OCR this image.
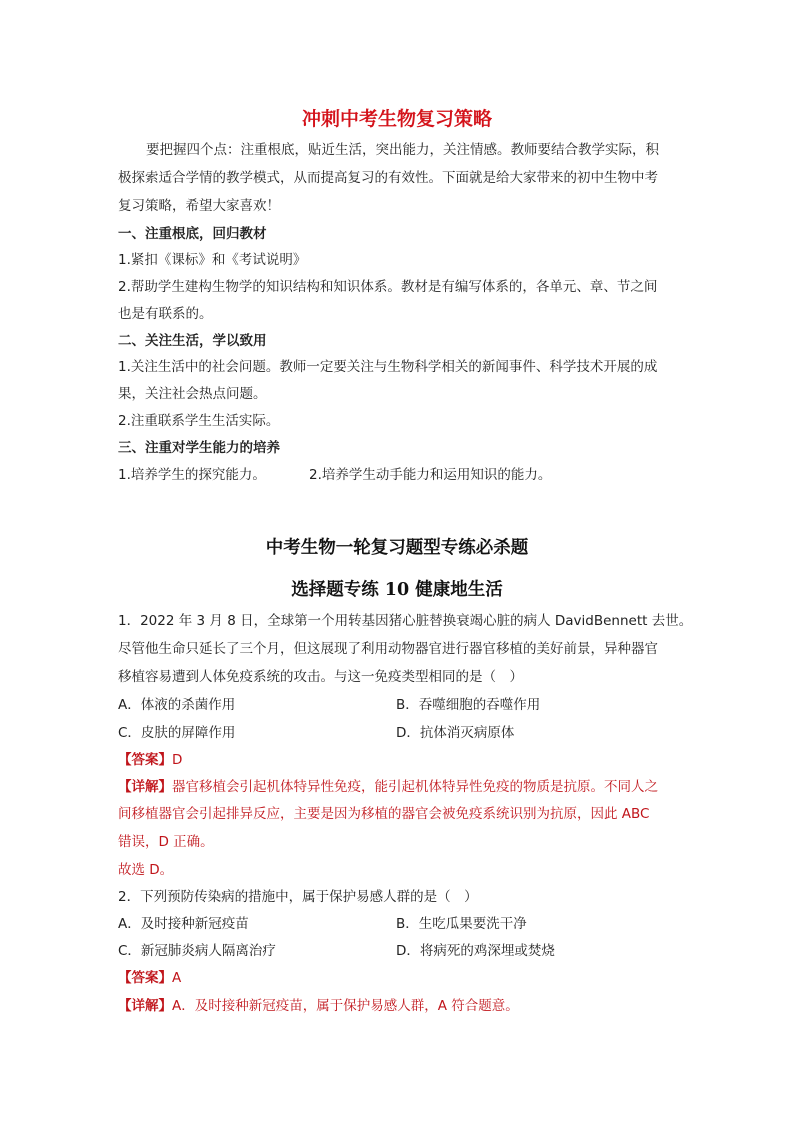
冲刺中考生物复习策略
要把握四个点：注重根底，贴近生活，突出能力，关注情感。教师要结合教学实际，积
极探索适合学情的教学模式，从而提高复习的有效性。下面就是给大家带来的初中生物中考
复习策略，希望大家喜欢！
一、注重根底，回归教材
1.紧扣《课标》和《考试说明》
2.帮助学生建构生物学的知识结构和知识体系。教材是有编写体系的，各单元、章、节之间
也是有联系的。
二、关注生活，学以致用
1.关注生活中的社会问题。教师一定要关注与生物科学相关的新闻事件、科学技术开展的成
果，关注社会热点问题。
2.注重联系学生生活实际。
三、注重对学生能力的培养
1.培养学生的探究能力。	2.培养学生动手能力和运用知识的能力。
中考生物一轮复习题型专练必杀题
选择题专练 10 健康地生活
1．2022 年 3 月 8 日，全球第一个用转基因猪心脏替换衰竭心脏的病人 DavidBennett 去世。
尽管他生命只延长了三个月，但这展现了利用动物器官进行器官移植的美好前景，异种器官
移植容易遭到人体免疫系统的攻击。与这一免疫类型相同的是（　）
A．体液的杀菌作用	B．吞噬细胞的吞噬作用
C．皮肤的屏障作用	D．抗体消灭病原体
【答案】D
【详解】器官移植会引起机体特异性免疫，能引起机体特异性免疫的物质是抗原。不同人之
间移植器官会引起排异反应，主要是因为移植的器官会被免疫系统识别为抗原，因此 ABC
错误，D 正确。
故选 D。
2．下列预防传染病的措施中，属于保护易感人群的是（　）
A．及时接种新冠疫苗	B．生吃瓜果要洗干净
C．新冠肺炎病人隔离治疗	D．将病死的鸡深埋或焚烧
【答案】A
【详解】A．及时接种新冠疫苗，属于保护易感人群，A 符合题意。
